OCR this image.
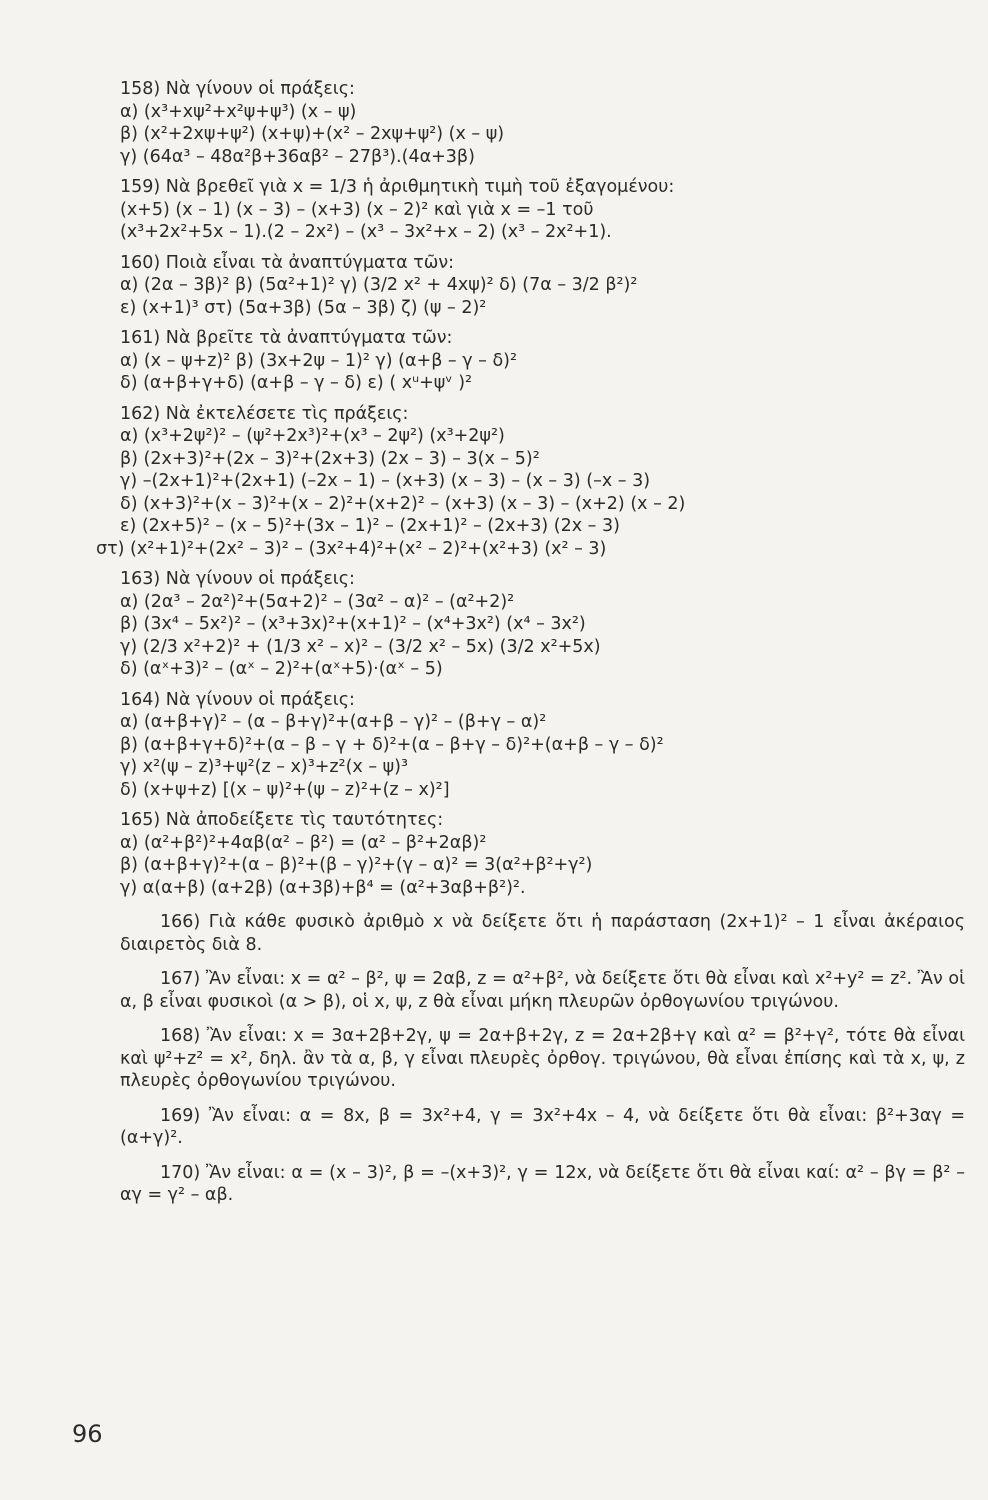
158) Νὰ γίνουν οἱ πράξεις:
α) (x³+xψ²+x²ψ+ψ³) (x – ψ)
β) (x²+2xψ+ψ²) (x+ψ)+(x² – 2xψ+ψ²) (x – ψ)
γ) (64α³ – 48α²β+36αβ² – 27β³).(4α+3β)
159) Νὰ βρεθεῖ γιὰ x = 1/3 ἡ ἀριθμητικὴ τιμὴ τοῦ ἐξαγομένου:
(x+5) (x – 1) (x – 3) – (x+3) (x – 2)² καὶ γιὰ x = –1 τοῦ
(x³+2x²+5x – 1).(2 – 2x²) – (x³ – 3x²+x – 2) (x³ – 2x²+1).
160) Ποιὰ εἶναι τὰ ἀναπτύγματα τῶν:
α) (2α – 3β)² β) (5α²+1)² γ) (3/2 x² + 4xψ)² δ) (7α – 3/2 β²)²
ε) (x+1)³ στ) (5α+3β) (5α – 3β) ζ) (ψ – 2)²
161) Νὰ βρεῖτε τὰ ἀναπτύγματα τῶν:
α) (x – ψ+z)² β) (3x+2ψ – 1)² γ) (α+β – γ – δ)²
δ) (α+β+γ+δ) (α+β – γ – δ) ε) ( xᵘ+ψᵛ )²
162) Νὰ ἐκτελέσετε τὶς πράξεις:
α) (x³+2ψ²)² – (ψ²+2x³)²+(x³ – 2ψ²) (x³+2ψ²)
β) (2x+3)²+(2x – 3)²+(2x+3) (2x – 3) – 3(x – 5)²
γ) –(2x+1)²+(2x+1) (–2x – 1) – (x+3) (x – 3) – (x – 3) (–x – 3)
δ) (x+3)²+(x – 3)²+(x – 2)²+(x+2)² – (x+3) (x – 3) – (x+2) (x – 2)
ε) (2x+5)² – (x – 5)²+(3x – 1)² – (2x+1)² – (2x+3) (2x – 3)
στ) (x²+1)²+(2x² – 3)² – (3x²+4)²+(x² – 2)²+(x²+3) (x² – 3)
163) Νὰ γίνουν οἱ πράξεις:
α) (2α³ – 2α²)²+(5α+2)² – (3α² – α)² – (α²+2)²
β) (3x⁴ – 5x²)² – (x³+3x)²+(x+1)² – (x⁴+3x²) (x⁴ – 3x²)
γ) (2/3 x²+2)² + (1/3 x² – x)² – (3/2 x² – 5x) (3/2 x²+5x)
δ) (αˣ+3)² – (αˣ – 2)²+(αˣ+5)·(αˣ – 5)
164) Νὰ γίνουν οἱ πράξεις:
α) (α+β+γ)² – (α – β+γ)²+(α+β – γ)² – (β+γ – α)²
β) (α+β+γ+δ)²+(α – β – γ + δ)²+(α – β+γ – δ)²+(α+β – γ – δ)²
γ) x²(ψ – z)³+ψ²(z – x)³+z²(x – ψ)³
δ) (x+ψ+z) [(x – ψ)²+(ψ – z)²+(z – x)²]
165) Νὰ ἀποδείξετε τὶς ταυτότητες:
α) (α²+β²)²+4αβ(α² – β²) = (α² – β²+2αβ)²
β) (α+β+γ)²+(α – β)²+(β – γ)²+(γ – α)² = 3(α²+β²+γ²)
γ) α(α+β) (α+2β) (α+3β)+β⁴ = (α²+3αβ+β²)².
166) Γιὰ κάθε φυσικὸ ἀριθμὸ x νὰ δείξετε ὅτι ἡ παράσταση (2x+1)² – 1 εἶναι ἀκέραιος διαιρετὸς διὰ 8.
167) Ἂν εἶναι: x = α² – β², ψ = 2αβ, z = α²+β², νὰ δείξετε ὅτι θὰ εἶναι καὶ x²+y² = z². Ἂν οἱ α, β εἶναι φυσικοὶ (α > β), οἱ x, ψ, z θὰ εἶναι μήκη πλευρῶν ὀρθογωνίου τριγώνου.
168) Ἂν εἶναι: x = 3α+2β+2γ, ψ = 2α+β+2γ, z = 2α+2β+γ καὶ α² = β²+γ², τότε θὰ εἶναι καὶ ψ²+z² = x², δηλ. ἂν τὰ α, β, γ εἶναι πλευρὲς ὀρθογ. τριγώνου, θὰ εἶναι ἐπίσης καὶ τὰ x, ψ, z πλευρὲς ὀρθογωνίου τριγώνου.
169) Ἂν εἶναι: α = 8x, β = 3x²+4, γ = 3x²+4x – 4, νὰ δείξετε ὅτι θὰ εἶναι: β²+3αγ = (α+γ)².
170) Ἂν εἶναι: α = (x – 3)², β = –(x+3)², γ = 12x, νὰ δείξετε ὅτι θὰ εἶναι καί: α² – βγ = β² – αγ = γ² – αβ.
96
